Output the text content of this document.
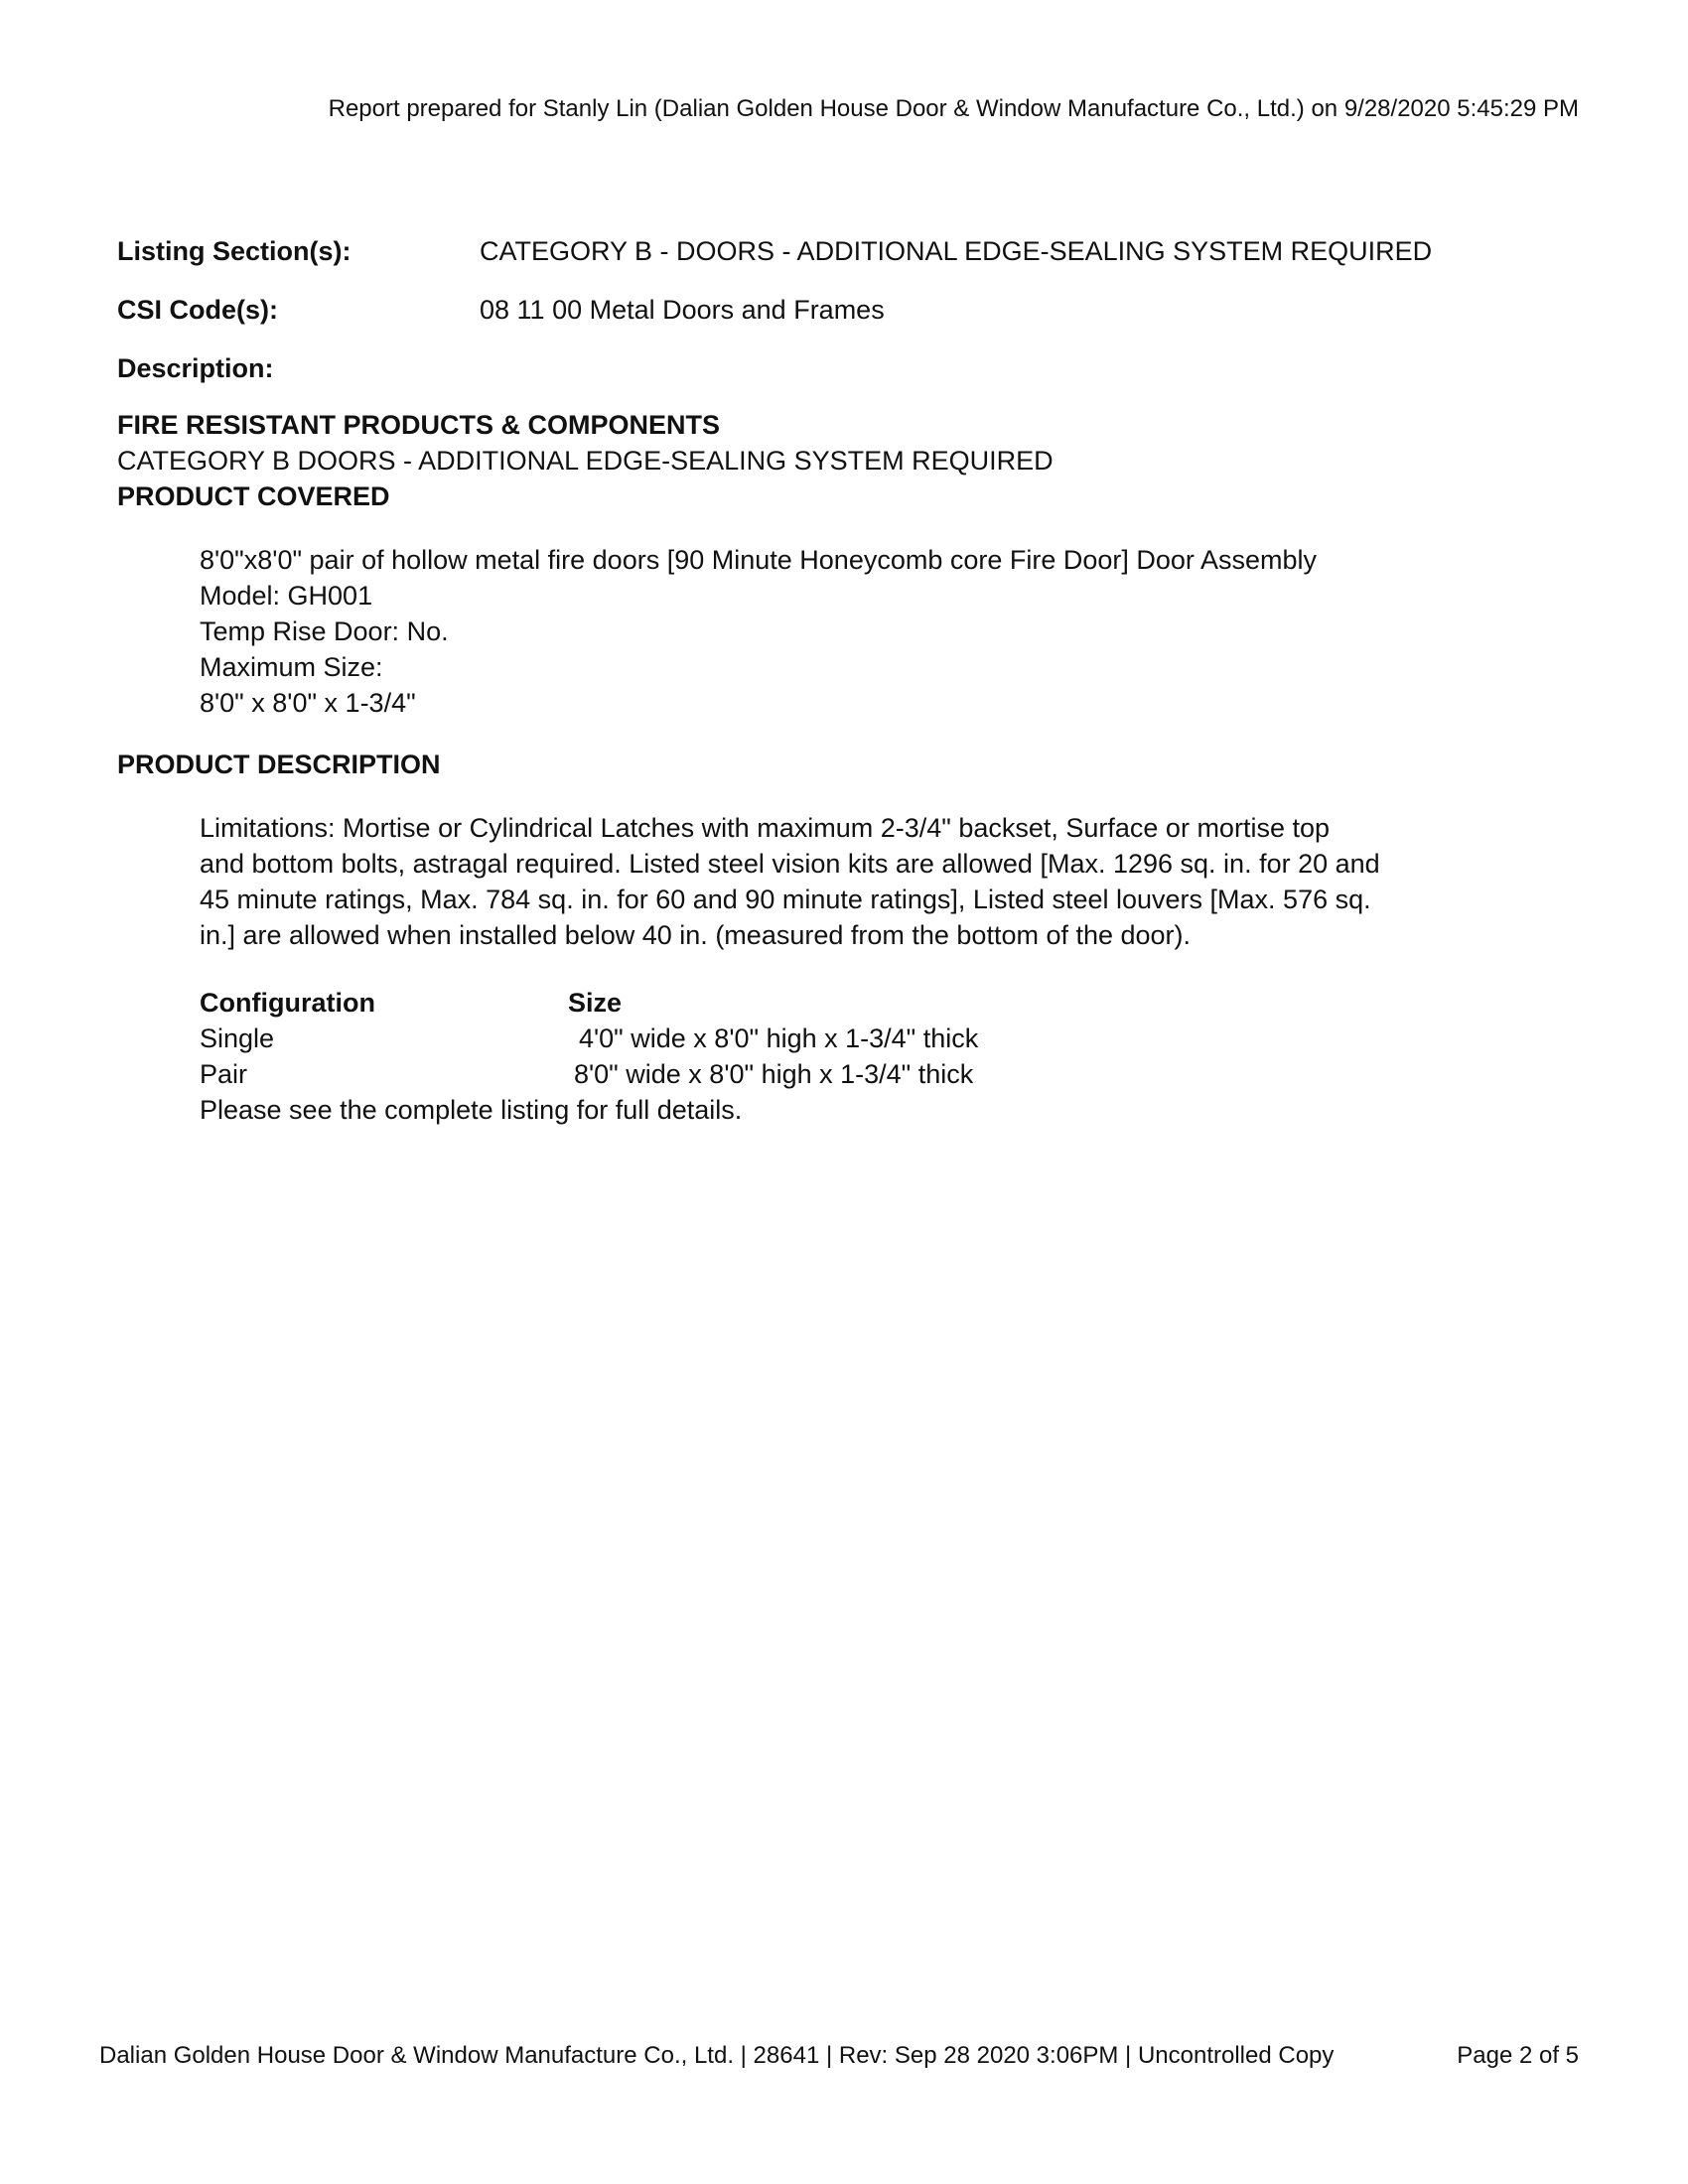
Report prepared for Stanly Lin (Dalian Golden House Door & Window Manufacture Co., Ltd.) on 9/28/2020 5:45:29 PM
Listing Section(s):	CATEGORY B - DOORS - ADDITIONAL EDGE-SEALING SYSTEM REQUIRED
CSI Code(s):	08 11 00 Metal Doors and Frames
Description:
FIRE RESISTANT PRODUCTS & COMPONENTS
CATEGORY B DOORS - ADDITIONAL EDGE-SEALING SYSTEM REQUIRED
PRODUCT COVERED
8'0"x8'0" pair of hollow metal fire doors [90 Minute Honeycomb core Fire Door] Door Assembly
Model: GH001
Temp Rise Door: No.
Maximum Size:
8'0" x 8'0" x 1-3/4"
PRODUCT DESCRIPTION
Limitations: Mortise or Cylindrical Latches with maximum 2-3/4" backset, Surface or mortise top
and bottom bolts, astragal required. Listed steel vision kits are allowed [Max. 1296 sq. in. for 20 and
45 minute ratings, Max. 784 sq. in. for 60 and 90 minute ratings], Listed steel louvers [Max. 576 sq.
in.] are allowed when installed below 40 in. (measured from the bottom of the door).
Configuration	Size
Single	4'0" wide x 8'0" high x 1-3/4" thick
Pair	8'0" wide x 8'0" high x 1-3/4" thick
Please see the complete listing for full details.
Dalian Golden House Door & Window Manufacture Co., Ltd. | 28641 | Rev: Sep 28 2020 3:06PM | Uncontrolled Copy	Page 2 of 5
